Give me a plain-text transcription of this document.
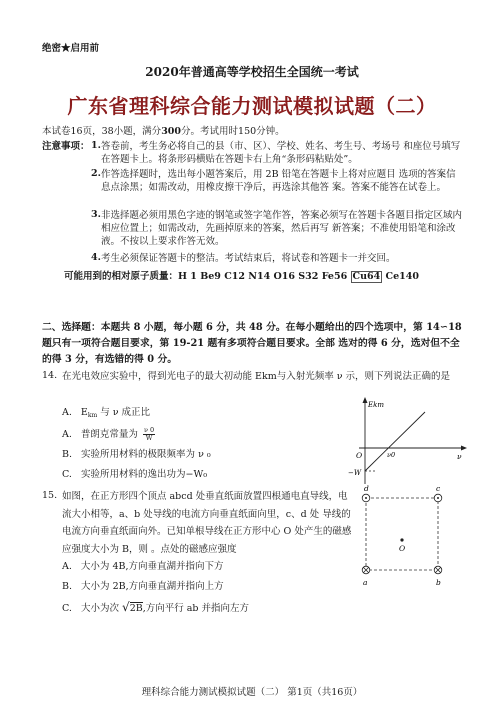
绝密★启用前
2020年普通高等学校招生全国统一考试
广东省理科综合能力测试模拟试题（二）
本试卷16页，38小题，满分300分。考试用时150分钟。
注意事项： 1. 答卷前，考生务必将自己的县（市、区）、学校、姓名、考生号、考场号 和座位号填写在答题卡上。将条形码横贴在答题卡右上角“条形码粘贴处”。
2. 作答选择题时，选出每小题答案后，用 2B 铅笔在答题卡上将对应题目 选项的答案信息点涂黑；如需改动，用橡皮擦干净后，再选涂其他答 案。答案不能答在试卷上。
3. 非选择题必须用黑色字迹的钢笔或签字笔作答，答案必须写在答题卡各题目指定区域内相应位置上；如需改动，先画掉原来的答案，然后再写 新答案；不准使用铅笔和涂改液。不按以上要求作答无效。
4. 考生必须保证答题卡的整洁。考试结束后，将试卷和答题卡一并交回。
可能用到的相对原子质量：H 1 Be9 C12 N14 O16 S32 Fe56 Cu64 Ce140
二、选择题：本题共 8 小题，每小题 6 分，共 48 分。在每小题给出的四个选项中，第 14∽18 题只有一项符合题目要求，第 19-21 题有多项符合题目要求。全部 选对的得 6 分，选对但不全的得 3 分，有选错的得 0 分。
14. 在光电效应实验中，得到光电子的最大初动能 Ekm与入射光频率 ν 示，则下列说法正确的是
A. $E_{km}$ 与 ν 成正比
A. 普朗克常量为 $\frac{\nu 0}{W}$
B. 实验所用材料的极限频率为 ν ₀
C. 实验所用材料的逸出功为−W₀
Ekm
ν
O	ν0
−W
15. 如图，在正方形四个顶点 abcd 处垂直纸面放置四根通电直导线，电流大小相等，a、b 处导线的电流方向垂直纸面向里，c、d 处 导线的电流方向垂直纸面向外。已知单根导线在正方形中心 O 处产生的磁感应强度大小为 B，则 。点处的磁感应强度
A. 大小为 4B,方向垂直湖并指向下方
B. 大小为 2B,方向垂直湖并指向上方
C. 大小为次 √2B,方向平行 ab 并指向左方
d	c
a	b
O
理科综合能力测试模拟试题（二） 第1页（共16页）
